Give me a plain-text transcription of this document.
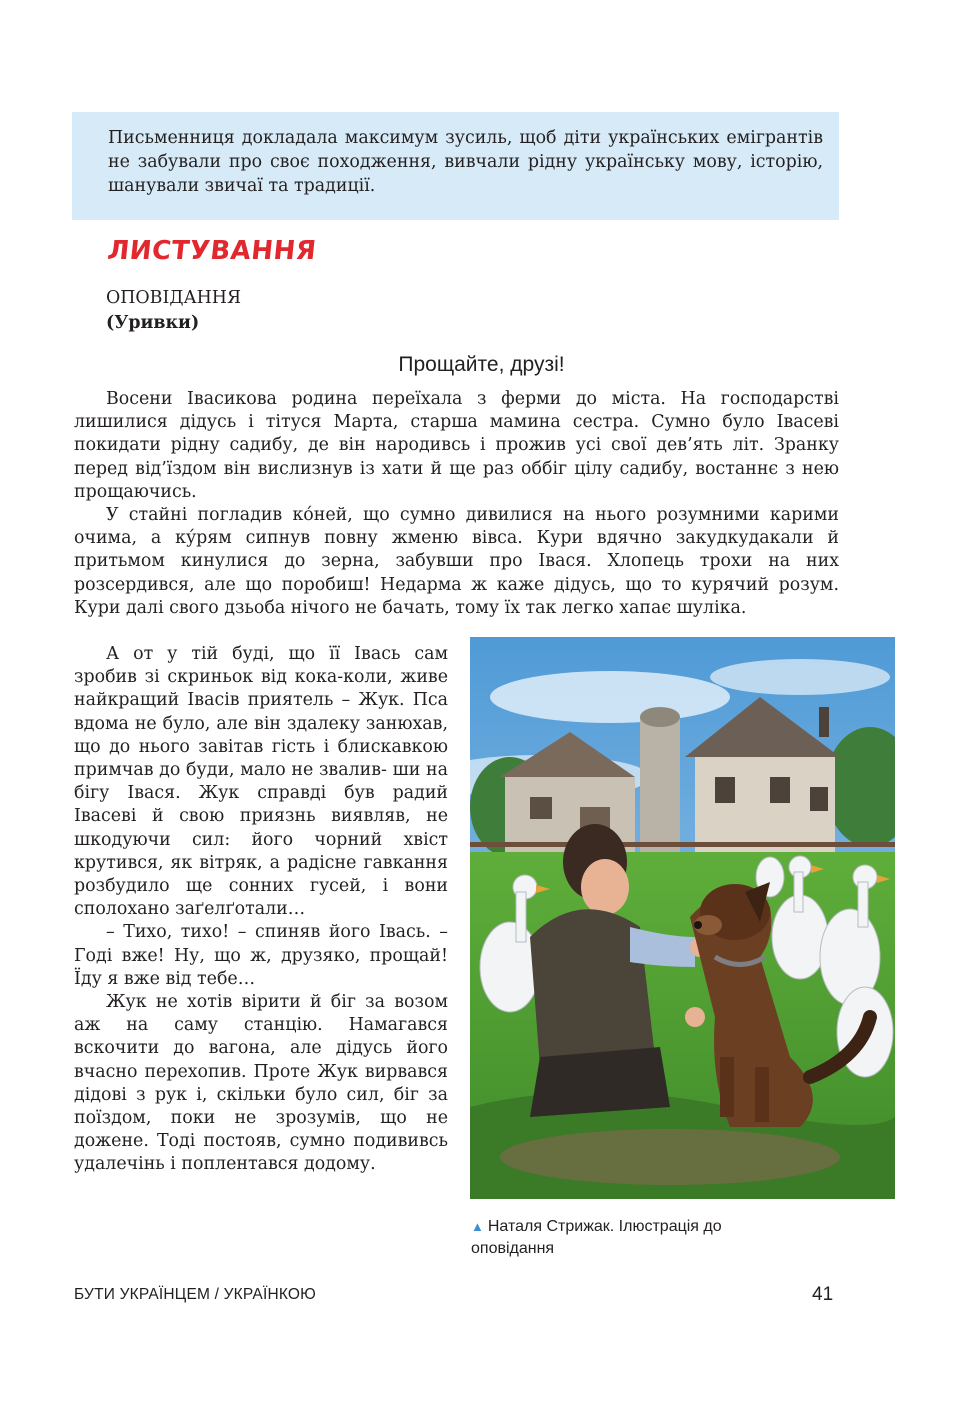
Письменниця докладала максимум зусиль, щоб діти українських емігрантів не забували про своє походження, вивчали рідну українську мову, історію, шанували звичаї та традиції.

ЛИСТУВАННЯ
ОПОВІДАННЯ
(Уривки)
Прощайте, друзі!

Восени Івасикова родина переїхала з ферми до міста. На господарстві лишилися дідусь і тітуся Марта, старша мамина сестра. Сумно було Івасеві покидати рідну садибу, де він народивсь і прожив усі свої дев’ять літ. Зранку перед від’їздом він вислизнув із хати й ще раз оббіг цілу садибу, востаннє з нею прощаючись.

У стайні погладив ко́ней, що сумно дивилися на нього розумними карими очима, а ку́рям сипнув повну жменю вівса. Кури вдячно закудкудакали й притьмом кинулися до зерна, забувши про Івася. Хлопець трохи на них розсердився, але що поробиш! Недарма ж каже дідусь, що то курячий розум. Кури далі свого дзьоба нічого не бачать, тому їх так легко хапає шуліка.

А от у тій буді, що її Івась сам зробив зі скриньок від кока-коли, живе найкращий Івасів приятель – Жук. Пса вдома не було, але він здалеку занюхав, що до нього завітав гість і блискавкою примчав до буди, мало не звалив- ши на бігу Івася. Жук справді був радий Івасеві й свою приязнь виявляв, не шкодуючи сил: його чорний хвіст крутився, як вітряк, а радісне гавкання розбудило ще сонних гусей, і вони сполохано заґелґотали…

– Тихо, тихо! – спиняв його Івась. – Годі вже! Ну, що ж, друзяко, прощай! Їду я вже від тебе…

Жук не хотів вірити й біг за возом аж на саму станцію. Намагався вскочити до вагона, але дідусь його вчасно перехопив. Проте Жук вирвався дідові з рук і, скільки було сил, біг за поїздом, поки не зрозумів, що не дожене. Тоді постояв, сумно подививсь удалечінь і поплентався додому.

▲ Наталя Стрижак. Ілюстрація до оповідання
БУТИ УКРАЇНЦЕМ / УКРАЇНКОЮ	41
